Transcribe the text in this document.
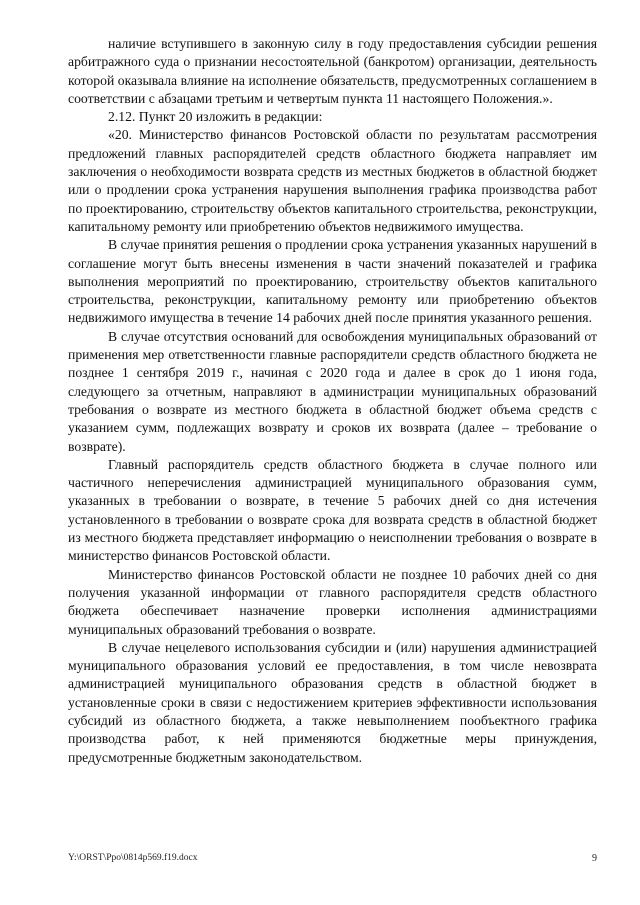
наличие вступившего в законную силу в году предоставления субсидии решения арбитражного суда о признании несостоятельной (банкротом) организации, деятельность которой оказывала влияние на исполнение обязательств, предусмотренных соглашением в соответствии с абзацами третьим и четвертым пункта 11 настоящего Положения.».

2.12. Пункт 20 изложить в редакции:

«20. Министерство финансов Ростовской области по результатам рассмотрения предложений главных распорядителей средств областного бюджета направляет им заключения о необходимости возврата средств из местных бюджетов в областной бюджет или о продлении срока устранения нарушения выполнения графика производства работ по проектированию, строительству объектов капитального строительства, реконструкции, капитальному ремонту или приобретению объектов недвижимого имущества.

В случае принятия решения о продлении срока устранения указанных нарушений в соглашение могут быть внесены изменения в части значений показателей и графика выполнения мероприятий по проектированию, строительству объектов капитального строительства, реконструкции, капитальному ремонту или приобретению объектов недвижимого имущества в течение 14 рабочих дней после принятия указанного решения.

В случае отсутствия оснований для освобождения муниципальных образований от применения мер ответственности главные распорядители средств областного бюджета не позднее 1 сентября 2019 г., начиная с 2020 года и далее в срок до 1 июня года, следующего за отчетным, направляют в администрации муниципальных образований требования о возврате из местного бюджета в областной бюджет объема средств с указанием сумм, подлежащих возврату и сроков их возврата (далее – требование о возврате).

Главный распорядитель средств областного бюджета в случае полного или частичного неперечисления администрацией муниципального образования сумм, указанных в требовании о возврате, в течение 5 рабочих дней со дня истечения установленного в требовании о возврате срока для возврата средств в областной бюджет из местного бюджета представляет информацию о неисполнении требования о возврате в министерство финансов Ростовской области.

Министерство финансов Ростовской области не позднее 10 рабочих дней со дня получения указанной информации от главного распорядителя средств областного бюджета обеспечивает назначение проверки исполнения администрациями муниципальных образований требования о возврате.

В случае нецелевого использования субсидии и (или) нарушения администрацией муниципального образования условий ее предоставления, в том числе невозврата администрацией муниципального образования средств в областной бюджет в установленные сроки в связи с недостижением критериев эффективности использования субсидий из областного бюджета, а также невыполнением пообъектного графика производства работ, к ней применяются бюджетные меры принуждения, предусмотренные бюджетным законодательством.

Y:\ORST\Ppo\0814p569.f19.docx	9
